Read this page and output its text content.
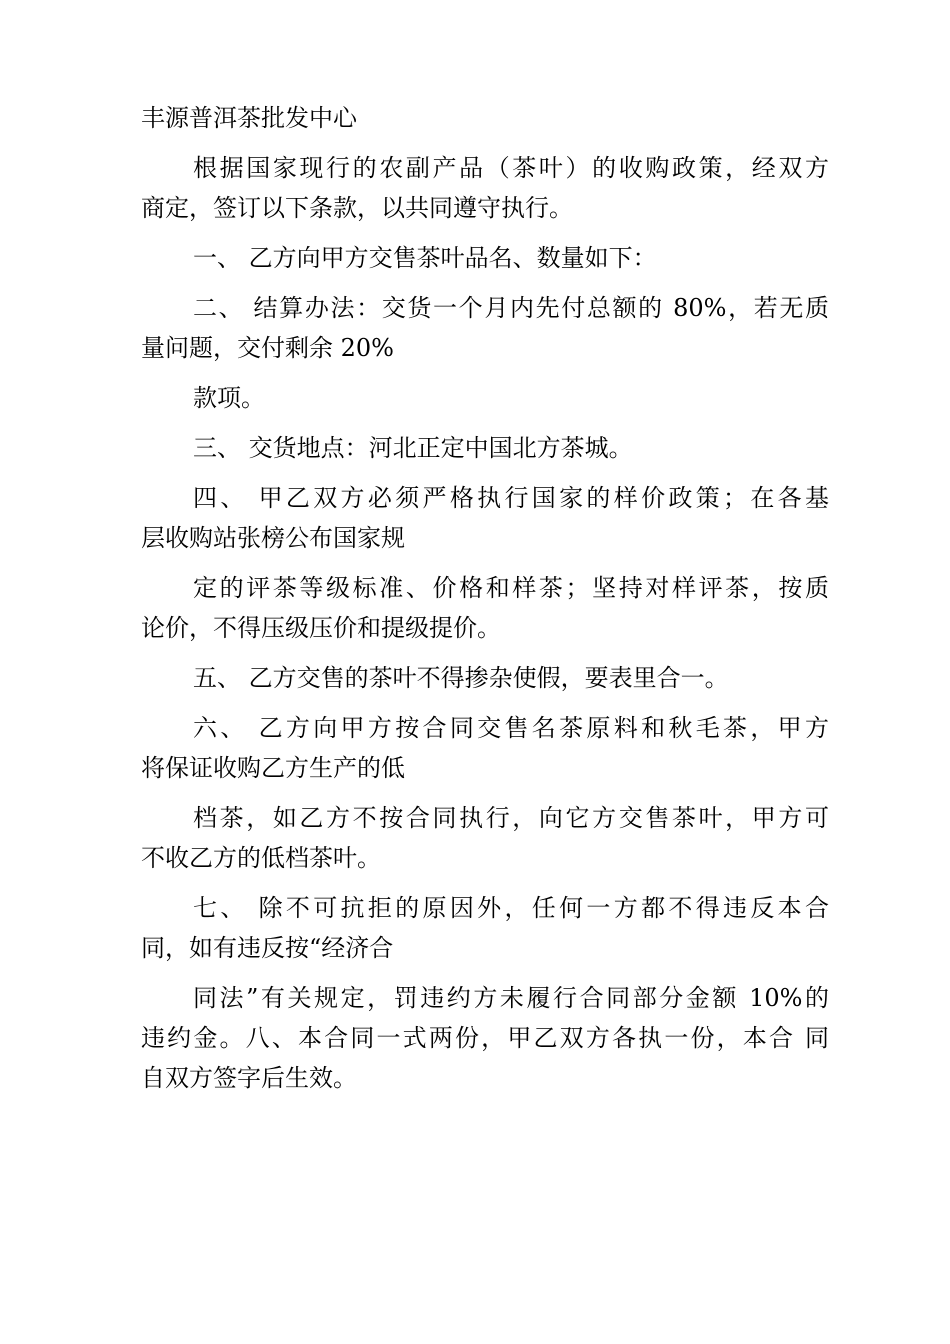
丰源普洱茶批发中心
根据国家现行的农副产品（茶叶）的收购政策，经双方
商定，签订以下条款，以共同遵守执行。
一、 乙方向甲方交售茶叶品名、数量如下：
二、 结算办法：交货一个月内先付总额的 80%，若无质
量问题，交付剩余 20%
款项。
三、 交货地点：河北正定中国北方茶城。
四、 甲乙双方必须严格执行国家的样价政策；在各基
层收购站张榜公布国家规
定的评茶等级标准、价格和样茶；坚持对样评茶，按质
论价，不得压级压价和提级提价。
五、 乙方交售的茶叶不得掺杂使假，要表里合一。
六、 乙方向甲方按合同交售名茶原料和秋毛茶，甲方
将保证收购乙方生产的低
档茶，如乙方不按合同执行，向它方交售茶叶，甲方可
不收乙方的低档茶叶。
七、 除不可抗拒的原因外，任何一方都不得违反本合
同，如有违反按“经济合
同法”有关规定，罚违约方未履行合同部分金额 10%的
违约金。八、本合同一式两份，甲乙双方各执一份，本合 同
自双方签字后生效。
